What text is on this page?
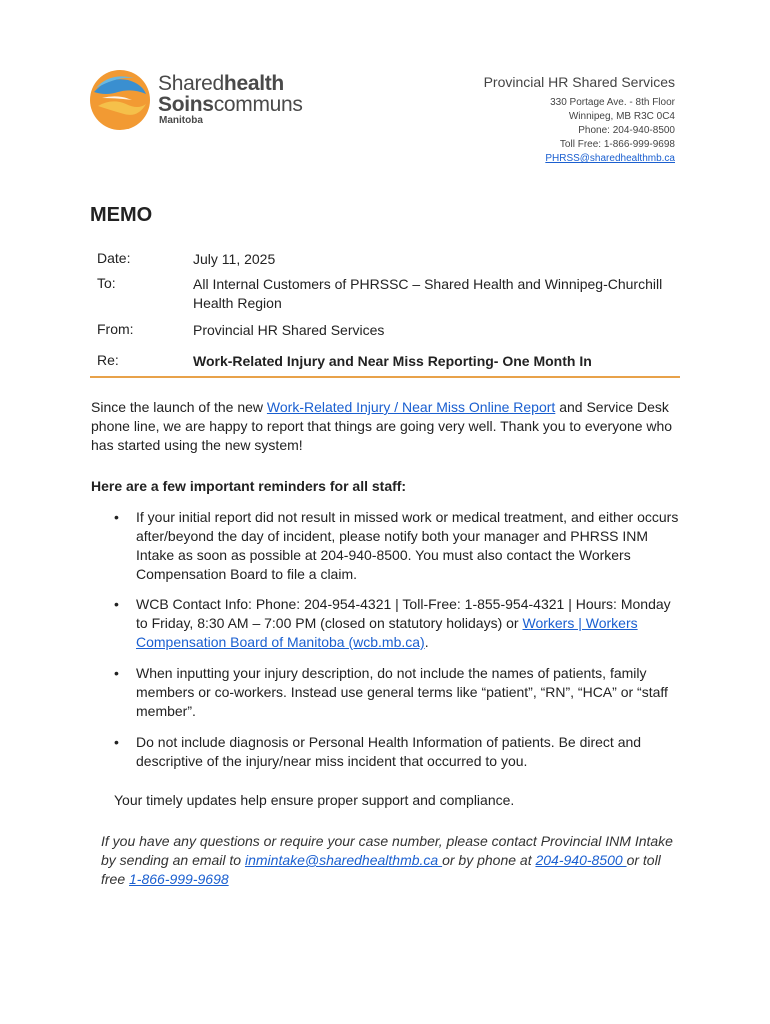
Sharedhealth
Soinscommuns
Manitoba
Provincial HR Shared Services
330 Portage Ave. - 8th Floor
Winnipeg, MB R3C 0C4
Phone: 204-940-8500
Toll Free: 1-866-999-9698
PHRSS@sharedhealthmb.ca
MEMO
Date:	July 11, 2025
To:	All Internal Customers of PHRSSC – Shared Health and Winnipeg-Churchill Health Region
From:	Provincial HR Shared Services
Re:	Work-Related Injury and Near Miss Reporting- One Month In
Since the launch of the new Work-Related Injury / Near Miss Online Report and Service Desk phone line, we are happy to report that things are going very well. Thank you to everyone who has started using the new system!
Here are a few important reminders for all staff:
• If your initial report did not result in missed work or medical treatment, and either occurs after/beyond the day of incident, please notify both your manager and PHRSS INM Intake as soon as possible at 204-940-8500. You must also contact the Workers Compensation Board to file a claim.
• WCB Contact Info: Phone: 204-954-4321 | Toll-Free: 1-855-954-4321 | Hours: Monday to Friday, 8:30 AM – 7:00 PM (closed on statutory holidays) or Workers | Workers Compensation Board of Manitoba (wcb.mb.ca).
• When inputting your injury description, do not include the names of patients, family members or co-workers. Instead use general terms like “patient”, “RN”, “HCA” or “staff member”.
• Do not include diagnosis or Personal Health Information of patients. Be direct and descriptive of the injury/near miss incident that occurred to you.
Your timely updates help ensure proper support and compliance.
If you have any questions or require your case number, please contact Provincial INM Intake by sending an email to inmintake@sharedhealthmb.ca or by phone at 204-940-8500 or toll free 1-866-999-9698
